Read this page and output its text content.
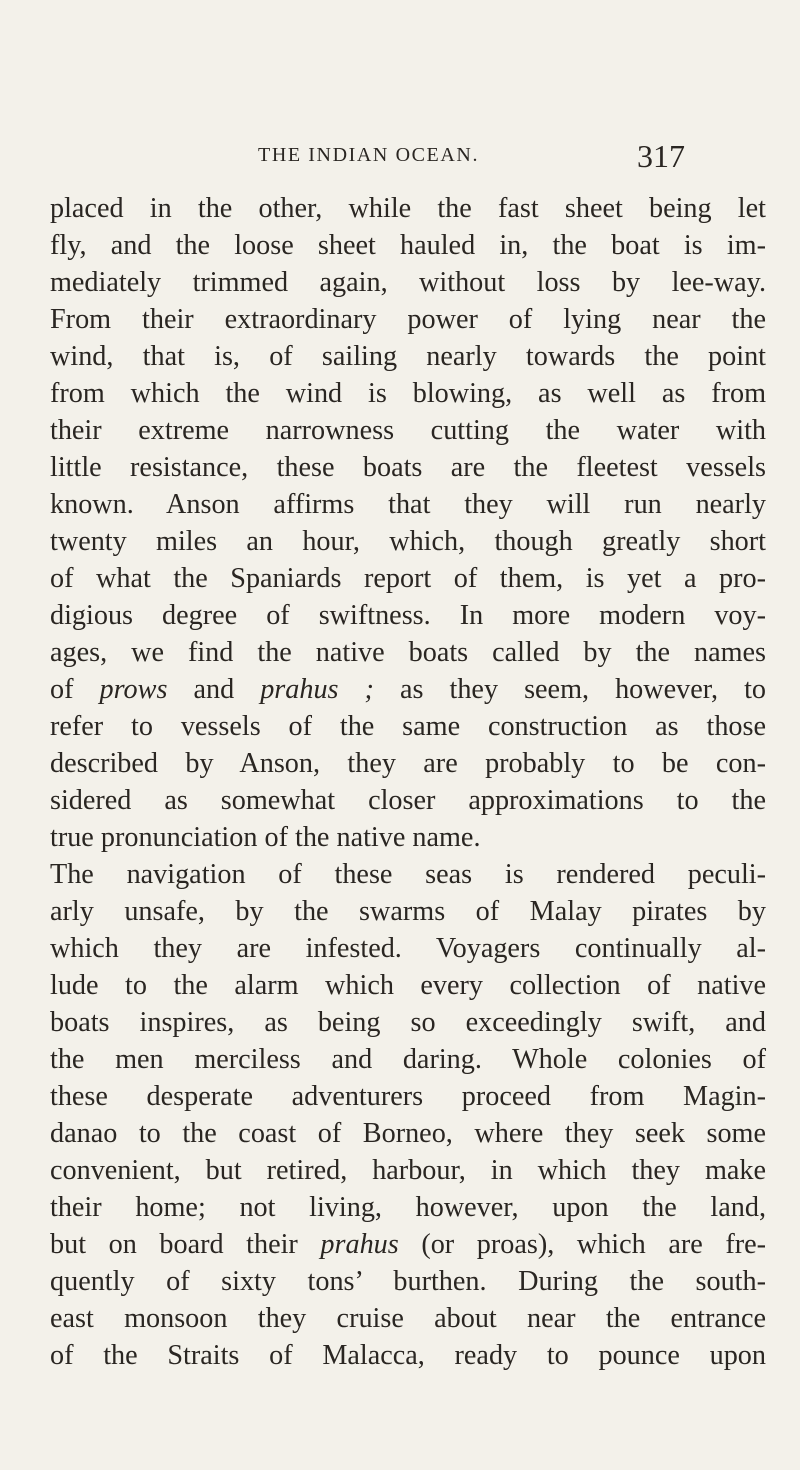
THE INDIAN OCEAN.	317
placed in the other, while the fast sheet being let
fly, and the loose sheet hauled in, the boat is im-
mediately trimmed again, without loss by lee-way.
From their extraordinary power of lying near the
wind, that is, of sailing nearly towards the point
from which the wind is blowing, as well as from
their extreme narrowness cutting the water with
little resistance, these boats are the fleetest vessels
known. Anson affirms that they will run nearly
twenty miles an hour, which, though greatly short
of what the Spaniards report of them, is yet a pro-
digious degree of swiftness. In more modern voy-
ages, we find the native boats called by the names
of prows and prahus ; as they seem, however, to
refer to vessels of the same construction as those
described by Anson, they are probably to be con-
sidered as somewhat closer approximations to the
true pronunciation of the native name.
The navigation of these seas is rendered peculi-
arly unsafe, by the swarms of Malay pirates by
which they are infested. Voyagers continually al-
lude to the alarm which every collection of native
boats inspires, as being so exceedingly swift, and
the men merciless and daring. Whole colonies of
these desperate adventurers proceed from Magin-
danao to the coast of Borneo, where they seek some
convenient, but retired, harbour, in which they make
their home; not living, however, upon the land,
but on board their prahus (or proas), which are fre-
quently of sixty tons’ burthen. During the south-
east monsoon they cruise about near the entrance
of the Straits of Malacca, ready to pounce upon
